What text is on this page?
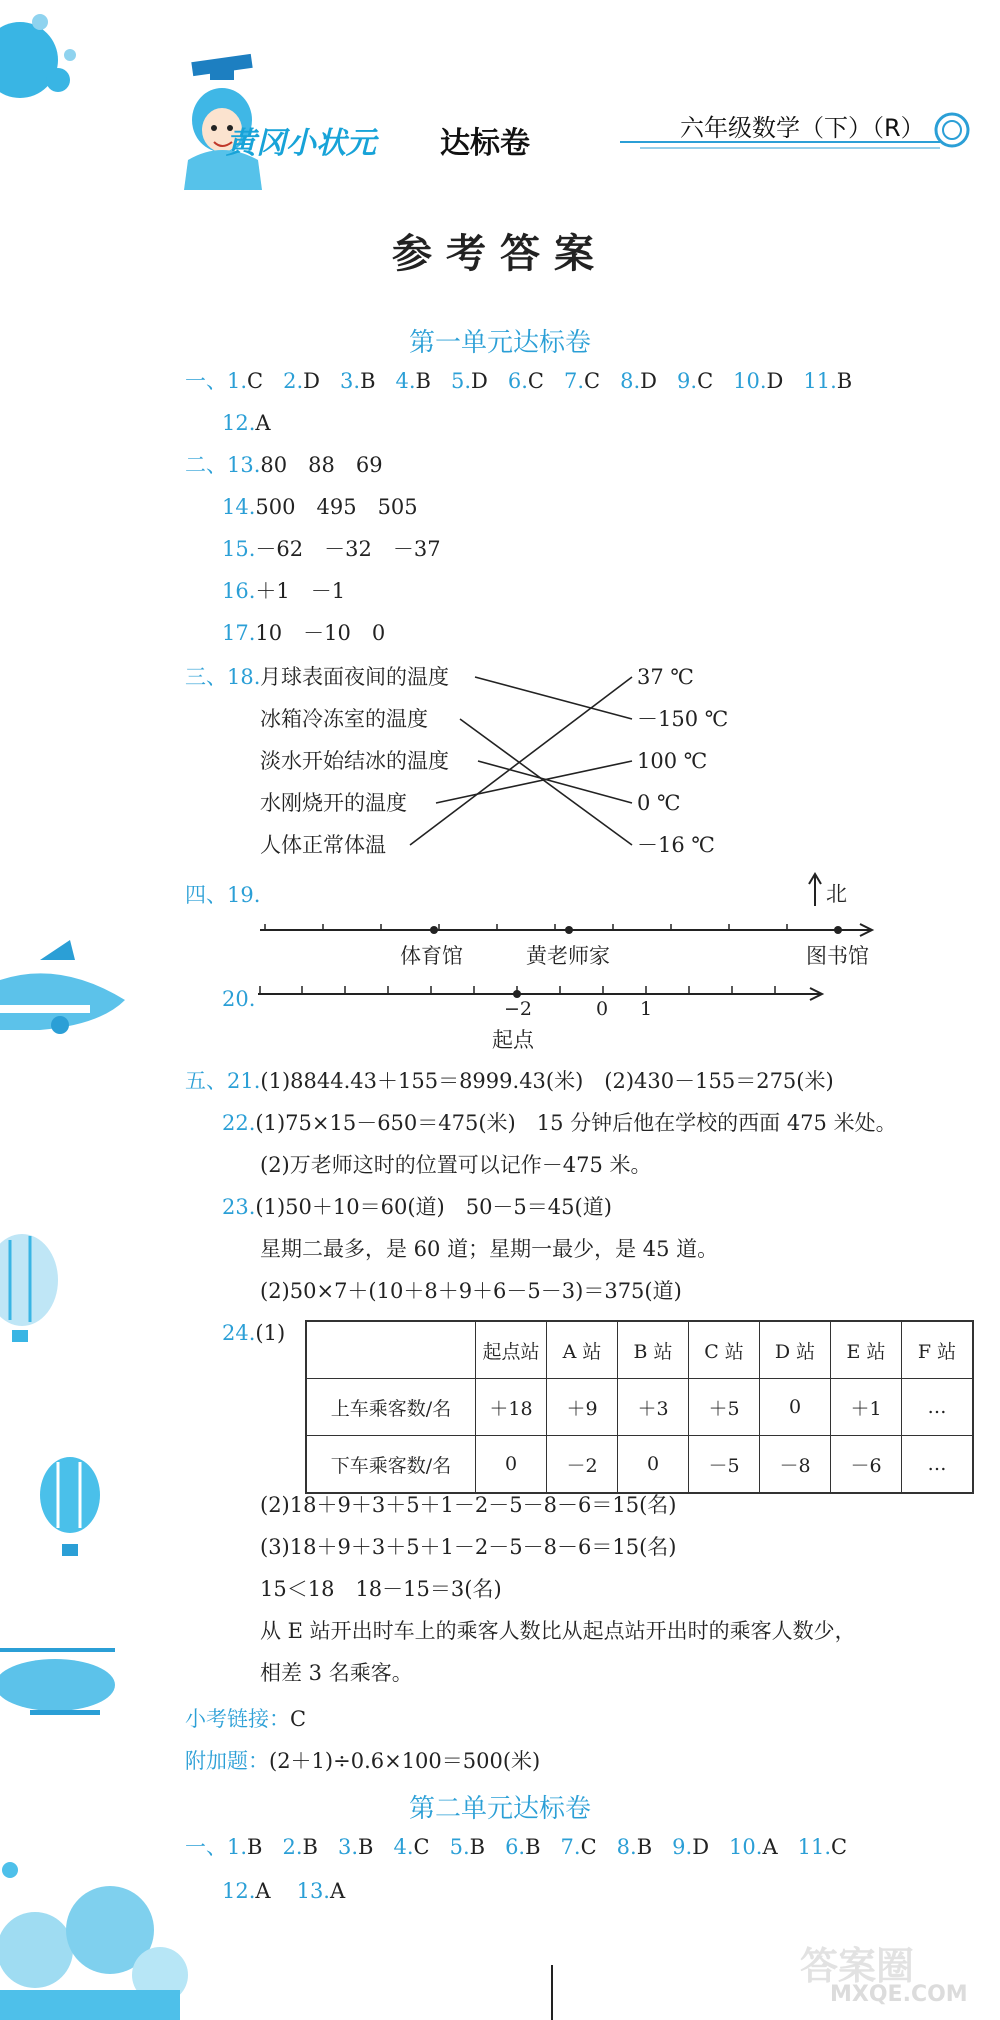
黄冈小状元 达标卷	六年级数学（下）（R）
参考答案
第一单元达标卷
一、1.C 2.D 3.B 4.B 5.D 6.C 7.C 8.D 9.C 10.D 11.B
12.A
二、13.80　88　69
14.500　495　505
15.－62　－32　－37
16.＋1　－1
17.10　－10　0
三、18. 月球表面夜间的温度
冰箱冷冻室的温度
淡水开始结冰的温度
水刚烧开的温度
人体正常体温
37 ℃
－150 ℃
100 ℃
0 ℃
－16 ℃
四、19.	北
体育馆	黄老师家	图书馆
20.	−2	0 1
起点
五、21.(1)8844.43＋155＝8999.43(米)　(2)430－155＝275(米)
22.(1)75×15－650＝475(米)　15 分钟后他在学校的西面 475 米处。
(2)万老师这时的位置可以记作－475 米。
23.(1)50＋10＝60(道)　50－5＝45(道)
星期二最多，是 60 道；星期一最少，是 45 道。
(2)50×7＋(10＋8＋9＋6－5－3)＝375(道)
24.(1)
	起点站	A 站	B 站	C 站	D 站	E 站	F 站
上车乘客数/名	＋18	＋9	＋3	＋5	0	＋1	…
下车乘客数/名	0	－2	0	－5	－8	－6	…
(2)18＋9＋3＋5＋1－2－5－8－6＝15(名)
(3)18＋9＋3＋5＋1－2－5－8－6＝15(名)
15＜18　18－15＝3(名)
从 E 站开出时车上的乘客人数比从起点站开出时的乘客人数少，
相差 3 名乘客。
小考链接：C
附加题：(2＋1)÷0.6×100＝500(米)
第二单元达标卷
一、1.B 2.B 3.B 4.C 5.B 6.B 7.C 8.B 9.D 10.A 11.C
12.A 13.A
答案圈
MXQE.COM
